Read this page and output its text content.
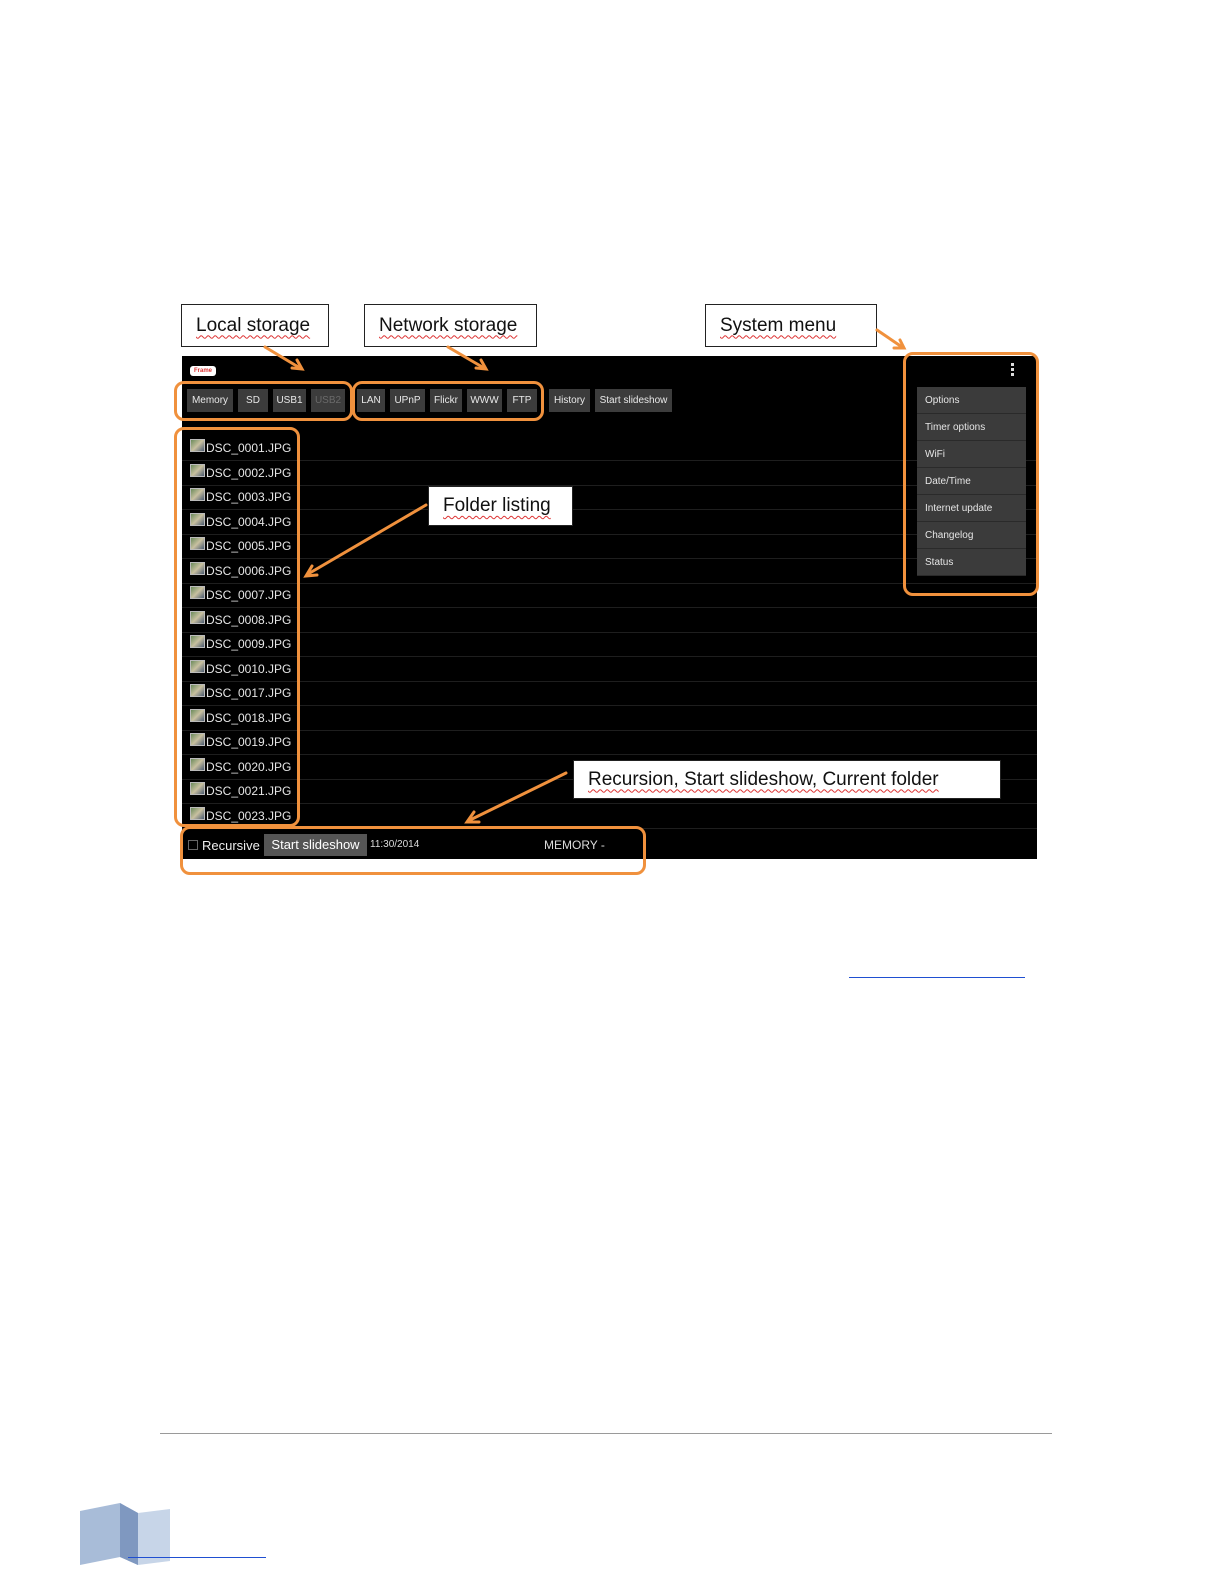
Local storage	Network storage	System menu
Frame
Memory	SD	USB1	USB2	LAN	UPnP	Flickr	WWW	FTP	History	Start slideshow
DSC_0001.JPG
DSC_0002.JPG
DSC_0003.JPG
DSC_0004.JPG
DSC_0005.JPG
DSC_0006.JPG
DSC_0007.JPG
DSC_0008.JPG
DSC_0009.JPG
DSC_0010.JPG
DSC_0017.JPG
DSC_0018.JPG
DSC_0019.JPG
DSC_0020.JPG
DSC_0021.JPG
DSC_0023.JPG
Options
Timer options
WiFi
Date/Time
Internet update
Changelog
Status
Recursive Start slideshow	11:30/2014	MEMORY -
Folder listing
Recursion, Start slideshow, Current folder
